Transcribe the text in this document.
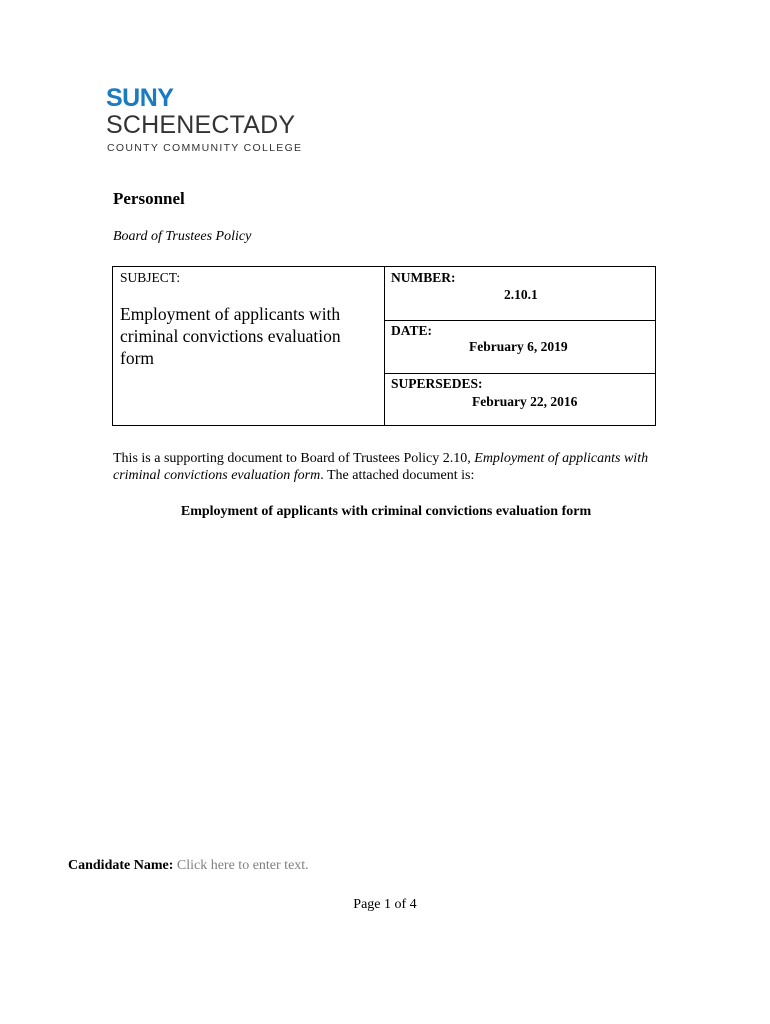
SUNY
SCHENECTADY
COUNTY COMMUNITY COLLEGE
Personnel
Board of Trustees Policy
SUBJECT:
Employment of applicants with criminal convictions evaluation form
NUMBER:
2.10.1
DATE:
February 6, 2019
SUPERSEDES:
February 22, 2016
This is a supporting document to Board of Trustees Policy 2.10, Employment of applicants with criminal convictions evaluation form. The attached document is:
Employment of applicants with criminal convictions evaluation form
Candidate Name: Click here to enter text.
Page 1 of 4
